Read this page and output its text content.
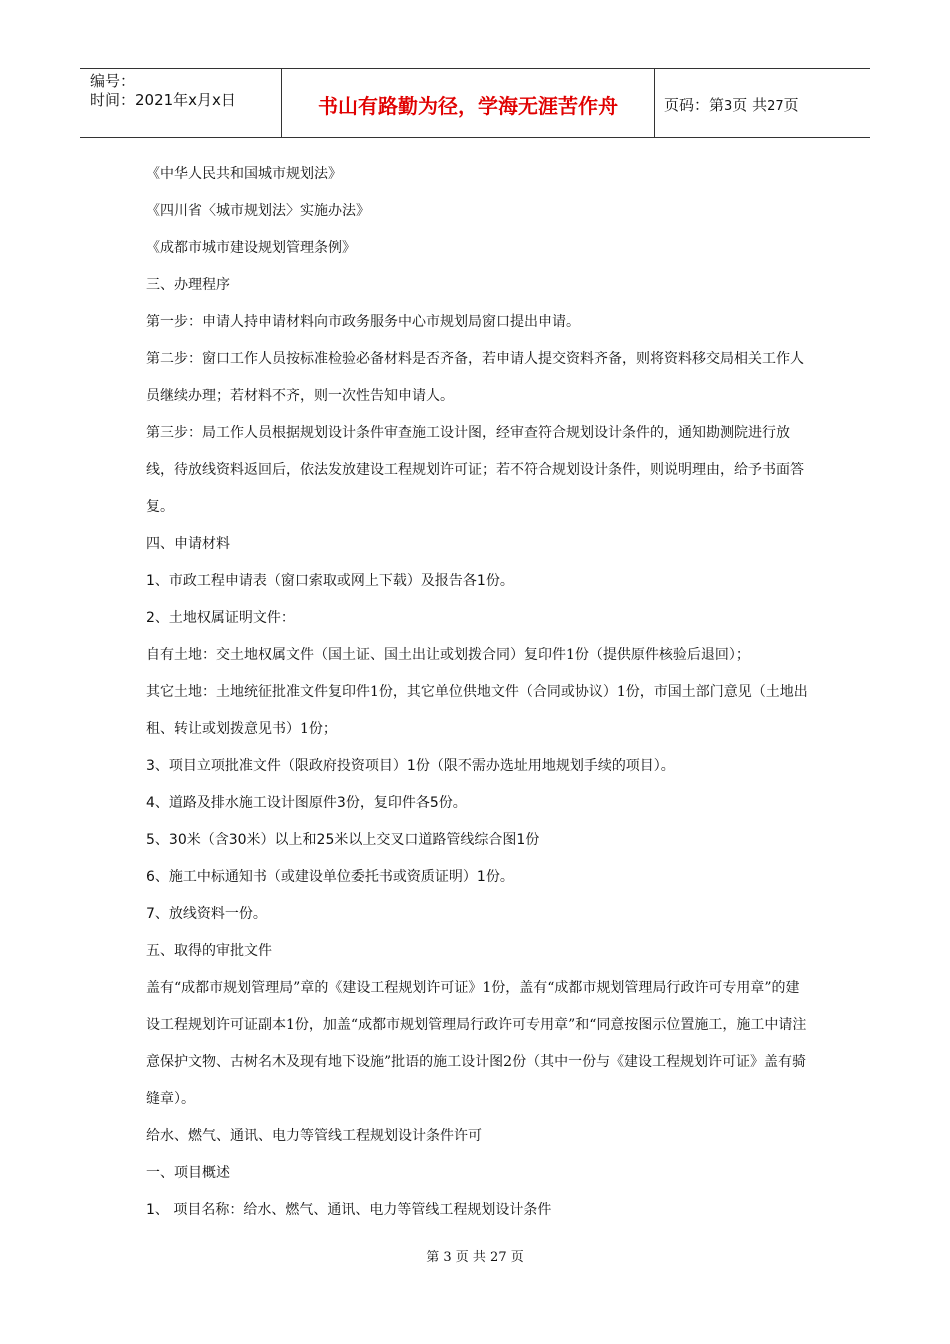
编号：
时间：2021年x月x日	书山有路勤为径，学海无涯苦作舟	页码：第3页 共27页

《中华人民共和国城市规划法》

《四川省〈城市规划法〉实施办法》

《成都市城市建设规划管理条例》

三、办理程序

第一步：申请人持申请材料向市政务服务中心市规划局窗口提出申请。

第二步：窗口工作人员按标准检验必备材料是否齐备，若申请人提交资料齐备，则将资料移交局相关工作人员继续办理；若材料不齐，则一次性告知申请人。

第三步：局工作人员根据规划设计条件审查施工设计图，经审查符合规划设计条件的，通知勘测院进行放线，待放线资料返回后，依法发放建设工程规划许可证；若不符合规划设计条件，则说明理由，给予书面答复。

四、申请材料

1、市政工程申请表（窗口索取或网上下载）及报告各1份。

2、土地权属证明文件：

自有土地：交土地权属文件（国土证、国土出让或划拨合同）复印件1份（提供原件核验后退回）；

其它土地：土地统征批准文件复印件1份，其它单位供地文件（合同或协议）1份，市国土部门意见（土地出租、转让或划拨意见书）1份；

3、项目立项批准文件（限政府投资项目）1份（限不需办选址用地规划手续的项目）。

4、道路及排水施工设计图原件3份，复印件各5份。

5、30米（含30米）以上和25米以上交叉口道路管线综合图1份

6、施工中标通知书（或建设单位委托书或资质证明）1份。

7、放线资料一份。

五、取得的审批文件

盖有“成都市规划管理局”章的《建设工程规划许可证》1份，盖有“成都市规划管理局行政许可专用章”的建设工程规划许可证副本1份，加盖“成都市规划管理局行政许可专用章”和“同意按图示位置施工，施工中请注意保护文物、古树名木及现有地下设施”批语的施工设计图2份（其中一份与《建设工程规划许可证》盖有骑缝章）。

给水、燃气、通讯、电力等管线工程规划设计条件许可

一、项目概述

1、 项目名称：给水、燃气、通讯、电力等管线工程规划设计条件

第 3 页 共 27 页
